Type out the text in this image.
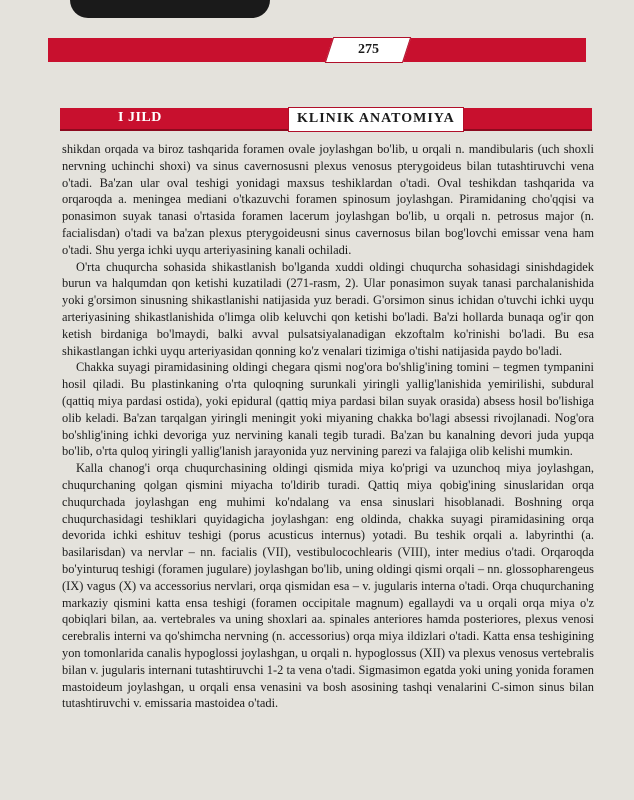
275
I JILD	KLINIK ANATOMIYA

shikdan orqada va biroz tashqarida foramen ovale joylashgan bo'lib, u orqali n. mandibularis (uch shoxli nervning uchinchi shoxi) va sinus cavernosusni plexus venosus pterygoideus bilan tutashtiruvchi vena o'tadi. Ba'zan ular oval teshigi yonidagi maxsus teshiklardan o'tadi. Oval teshikdan tashqarida va orqaroqda a. meningea mediani o'tkazuvchi foramen spinosum joylashgan. Piramidaning cho'qqisi va ponasimon suyak tanasi o'rtasida foramen lacerum joylashgan bo'lib, u orqali n. petrosus major (n. facialisdan) o'tadi va ba'zan plexus pterygoideusni sinus cavernosus bilan bog'lovchi emissar vena ham o'tadi. Shu yerga ichki uyqu arteriyasining kanali ochiladi.

O'rta chuqurcha sohasida shikastlanish bo'lganda xuddi oldingi chuqurcha sohasidagi sinishdagidek burun va halqumdan qon ketishi kuzatiladi (271-rasm, 2). Ular ponasimon suyak tanasi parchalanishida yoki g'orsimon sinusning shikastlanishi natijasida yuz beradi. G'orsimon sinus ichidan o'tuvchi ichki uyqu arteriyasining shikastlanishida o'limga olib keluvchi qon ketishi bo'ladi. Ba'zi hollarda bunaqa og'ir qon ketish birdaniga bo'lmaydi, balki avval pulsatsiyalanadigan ekzoftalm ko'rinishi bo'ladi. Bu esa shikastlangan ichki uyqu arteriyasidan qonning ko'z venalari tizimiga o'tishi natijasida paydo bo'ladi.

Chakka suyagi piramidasining oldingi chegara qismi nog'ora bo'shlig'ining tomini – tegmen tympanini hosil qiladi. Bu plastinkaning o'rta quloqning surunkali yiringli yallig'lanishida yemirilishi, subdural (qattiq miya pardasi ostida), yoki epidural (qattiq miya pardasi bilan suyak orasida) absess hosil bo'lishiga olib keladi. Ba'zan tarqalgan yiringli meningit yoki miyaning chakka bo'lagi absessi rivojlanadi. Nog'ora bo'shlig'ining ichki devoriga yuz nervining kanali tegib turadi. Ba'zan bu kanalning devori juda yupqa bo'lib, o'rta quloq yiringli yallig'lanish jarayonida yuz nervining parezi va falajiga olib kelishi mumkin.

Kalla chanog'i orqa chuqurchasining oldingi qismida miya ko'prigi va uzunchoq miya joylashgan, chuqurchaning qolgan qismini miyacha to'ldirib turadi. Qattiq miya qobig'ining sinuslaridan orqa chuqurchada joylashgan eng muhimi ko'ndalang va ensa sinuslari hisoblanadi. Boshning orqa chuqurchasidagi teshiklari quyidagicha joylashgan: eng oldinda, chakka suyagi piramidasining orqa devorida ichki eshituv teshigi (porus acusticus internus) yotadi. Bu teshik orqali a. labyrinthi (a. basilarisdan) va nervlar – nn. facialis (VII), vestibulocochlearis (VIII), inter medius o'tadi. Orqaroqda bo'yinturuq teshigi (foramen jugulare) joylashgan bo'lib, uning oldingi qismi orqali – nn. glossopharengeus (IX) vagus (X) va accessorius nervlari, orqa qismidan esa – v. jugularis interna o'tadi. Orqa chuqurchaning markaziy qismini katta ensa teshigi (foramen occipitale magnum) egallaydi va u orqali orqa miya o'z qobiqlari bilan, aa. vertebrales va uning shoxlari aa. spinales anteriores hamda posteriores, plexus venosi cerebralis interni va qo'shimcha nervning (n. accessorius) orqa miya ildizlari o'tadi. Katta ensa teshigining yon tomonlarida canalis hypoglossi joylashgan, u orqali n. hypoglossus (XII) va plexus venosus vertebralis bilan v. jugularis internani tutashtiruvchi 1-2 ta vena o'tadi. Sigmasimon egatda yoki uning yonida foramen mastoideum joylashgan, u orqali ensa venasini va bosh asosining tashqi venalarini C-simon sinus bilan tutashtiruvchi v. emissaria mastoidea o'tadi.
